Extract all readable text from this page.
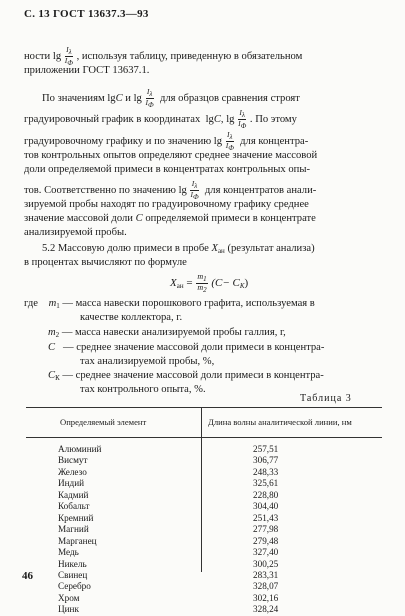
С. 13 ГОСТ 13637.3—93
ности $\lg \frac{I\lambda}{IФ}$ , используя таблицу, приведенную в обязательном
приложении ГОСТ 13637.1.
По значениям lgC и $\lg \frac{I\lambda}{IФ}$ для образцов сравнения строят
градуировочный график в координатах lgC, $\lg \frac{I\lambda}{IФ}$ . По этому
градуировочному графику и по значению $\lg \frac{I\lambda}{IФ}$ для концентра-
тов контрольных опытов определяют среднее значение массовой
доли определяемой примеси в концентратах контрольных опы-
тов. Соответственно по значению $\lg \frac{I\lambda}{IФ}$ для концентратов анали-
зируемой пробы находят по градуировочному графику среднее
значение массовой доли C определяемой примеси в концентрате
анализируемой пробы.
5.2 Массовую долю примеси в пробе $X_{ан}$ (результат анализа)
в процентах вычисляют по формуле
$X_{ан} = \frac{m1}{m2} (C- C_К)$
где $m_1$ — масса навески порошкового графита, используемая в
качестве коллектора, г.
$m_2$ — масса навески анализируемой пробы галлия, г,
C — среднее значение массовой доли примеси в концентра-
тах анализируемой пробы, %,
$C_К$ — среднее значение массовой доли примеси в концентра-
тах контрольного опыта, %.
Таблица 3
Определяемый элемент	Длина волны аналитической линии, нм
Алюминий	257,51
Висмут	306,77
Железо	248,33
Индий	325,61
Кадмий	228,80
Кобальт	304,40
Кремний	251,43
Магний	277,98
Марганец	279,48
Медь	327,40
Никель	300,25
Свинец	283,31
Серебро	328,07
Хром	302,16
Цинк	328,24
46
